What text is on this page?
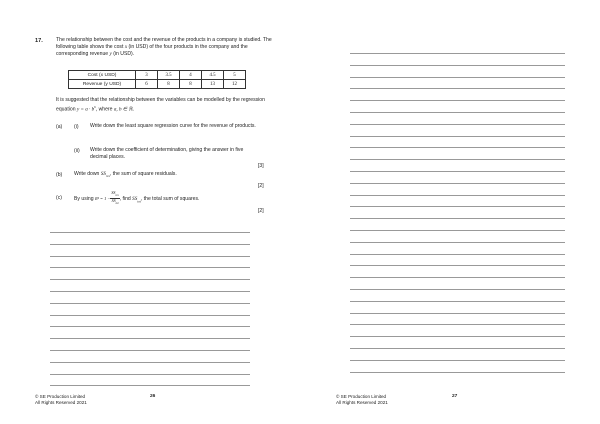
17.	The relationship between the cost and the revenue of the products in a company is studied. The following table shows the cost x (in USD) of the four products in the company and the corresponding revenue y (in USD).
Cost (x USD)	3	3.5	4	4.5	5
Revenue (y USD)	6	8	8	13	12
It is suggested that the relationship between the variables can be modelled by the regression equation $y = a \cdot b^x$, where a, b ∈ ℝ.
(a) (i) Write down the least square regression curve for the revenue of products.
(ii) Write down the coefficient of determination, giving the answer in five decimal places.
[3]
(b) Write down $SS_{res}$, the sum of square residuals.
[2]
(c) By using $R^2 = 1 - \frac{SS_{res}}{SS_{tot}}$ , find $SS_{tot}$, the total sum of squares.
[2]
© SE Production Limited
All Rights Reserved 2021
26	© SE Production Limited
All Rights Reserved 2021
27
